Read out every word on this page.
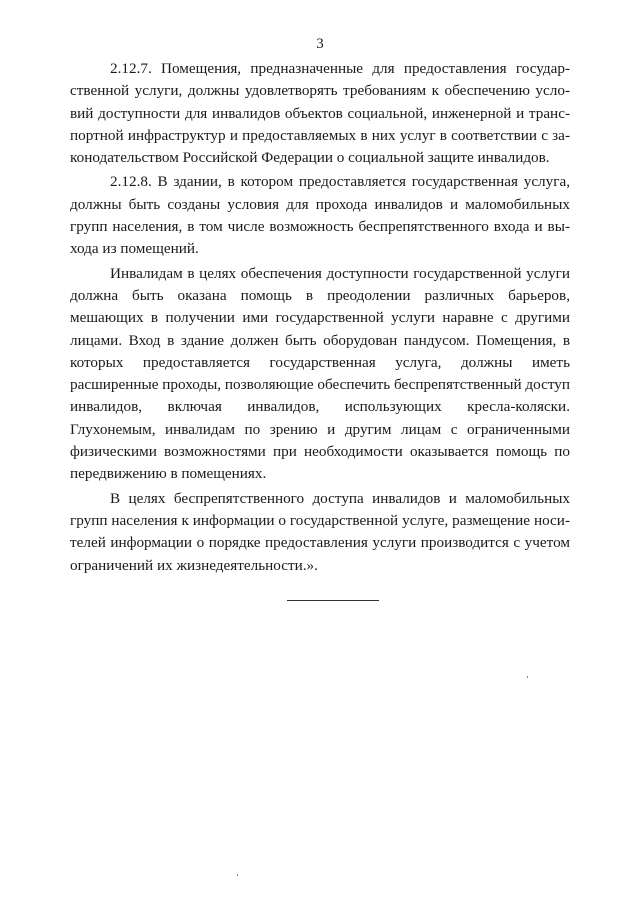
3

2.12.7. Помещения, предназначенные для предоставления государственной услуги, должны удовлетворять требованиям к обеспечению условий доступности для инвалидов объектов социальной, инженерной и транспортной инфраструктур и предоставляемых в них услуг в соответствии с законодательством Российской Федерации о социальной защите инвалидов.

2.12.8. В здании, в котором предоставляется государственная услуга, должны быть созданы условия для прохода инвалидов и маломобильных групп населения, в том числе возможность беспрепятственного входа и выхода из помещений.

Инвалидам в целях обеспечения доступности государственной услуги должна быть оказана помощь в преодолении различных барьеров, мешающих в получении ими государственной услуги наравне с другими лицами. Вход в здание должен быть оборудован пандусом. Помещения, в которых предоставляется государственная услуга, должны иметь расширенные проходы, позволяющие обеспечить беспрепятственный доступ инвалидов, включая инвалидов, использующих кресла-коляски. Глухонемым, инвалидам по зрению и другим лицам с ограниченными физическими возможностями при необходимости оказывается помощь по передвижению в помещениях.

В целях беспрепятственного доступа инвалидов и маломобильных групп населения к информации о государственной услуге, размещение носителей информации о порядке предоставления услуги производится с учетом ограничений их жизнедеятельности.».
